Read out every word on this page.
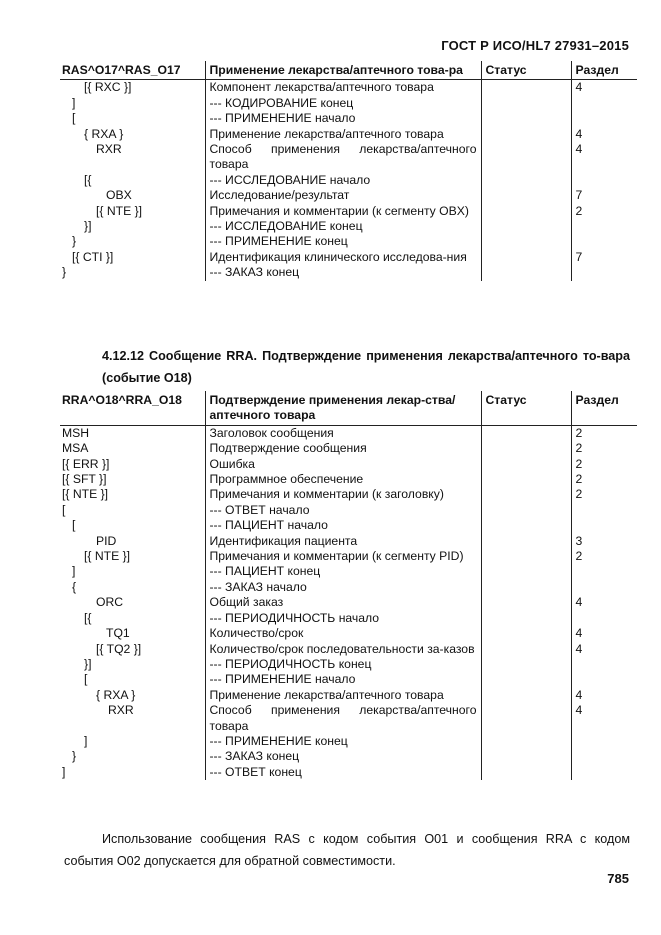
ГОСТ Р ИСО/HL7 27931–2015
RAS^O17^RAS_O17	Применение лекарства/аптечного това-ра	Статус	Раздел
[{ RXC }]	Компонент лекарства/аптечного товара		4
]	--- КОДИРОВАНИЕ конец		
[	--- ПРИМЕНЕНИЕ начало		
{ RXA }	Применение лекарства/аптечного товара		4
RXR	Способ применения лекарства/аптечного товара		4
[{	--- ИССЛЕДОВАНИЕ начало		
OBX	Исследование/результат		7
[{ NTE }]	Примечания и комментарии (к сегменту OBX)		2
}]	--- ИССЛЕДОВАНИЕ конец		
}	--- ПРИМЕНЕНИЕ конец		
[{ CTI }]	Идентификация клинического исследова-ния		7
}	--- ЗАКАЗ конец		
4.12.12 Сообщение RRA. Подтверждение применения лекарства/аптечного то-вара (событие O18)
RRA^O18^RRA_O18	Подтверждение применения лекар-ства/аптечного товара	Статус	Раздел
MSH	Заголовок сообщения		2
MSA	Подтверждение сообщения		2
[{ ERR }]	Ошибка		2
[{ SFT }]	Программное обеспечение		2
[{ NTE }]	Примечания и комментарии (к заголовку)		2
[	--- ОТВЕТ начало		
[	--- ПАЦИЕНТ начало		
PID	Идентификация пациента		3
[{ NTE }]	Примечания и комментарии (к сегменту PID)		2
]	--- ПАЦИЕНТ конец		
{	--- ЗАКАЗ начало		
ORC	Общий заказ		4
[{	--- ПЕРИОДИЧНОСТЬ начало		
TQ1	Количество/срок		4
[{ TQ2 }]	Количество/срок последовательности за-казов		4
}]	--- ПЕРИОДИЧНОСТЬ конец		
[	--- ПРИМЕНЕНИЕ начало		
{ RXA }	Применение лекарства/аптечного товара		4
RXR	Способ применения лекарства/аптечного товара		4
]	--- ПРИМЕНЕНИЕ конец		
}	--- ЗАКАЗ конец		
]	--- ОТВЕТ конец		
Использование сообщения RAS с кодом события O01 и сообщения RRA с кодом события O02 допускается для обратной совместимости.
785
